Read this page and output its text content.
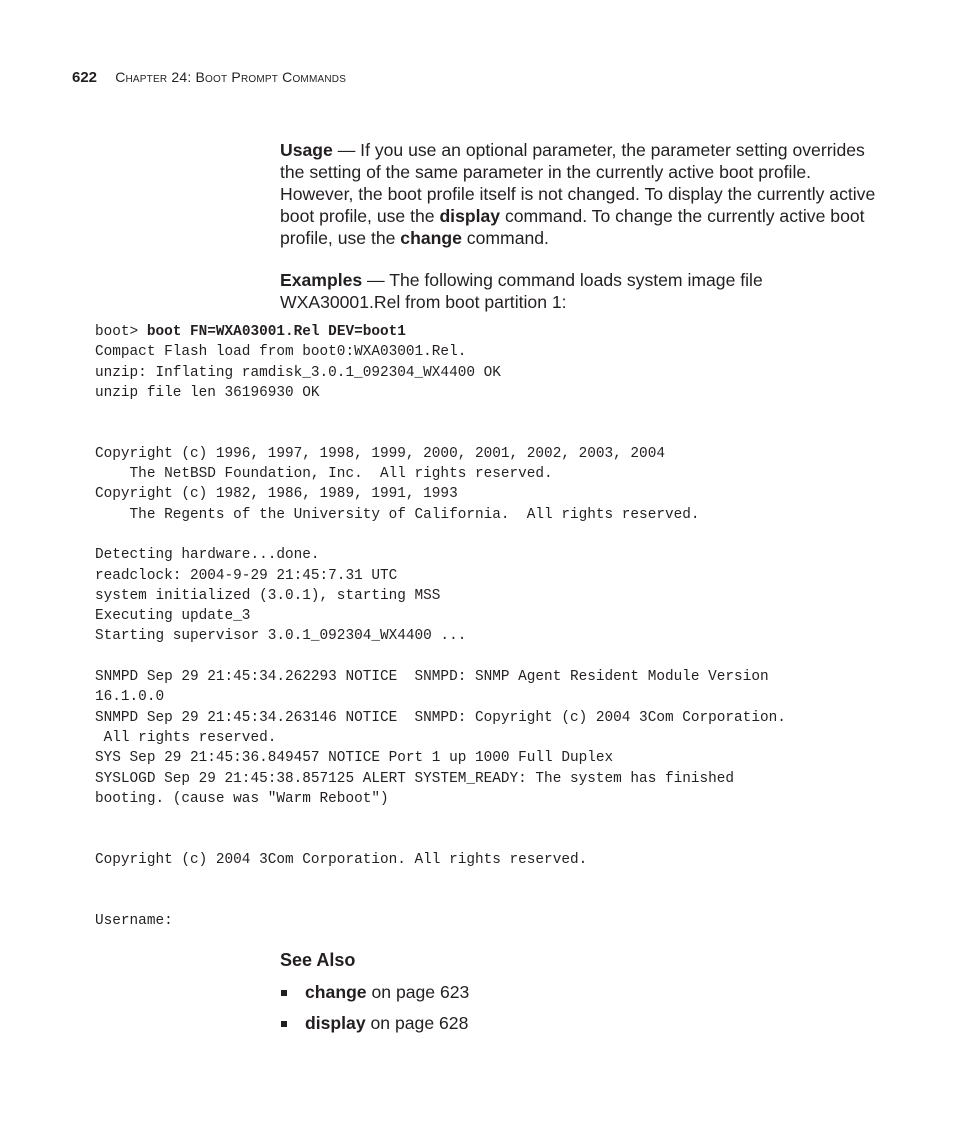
622 Chapter 24: Boot Prompt Commands

Usage — If you use an optional parameter, the parameter setting overrides the setting of the same parameter in the currently active boot profile. However, the boot profile itself is not changed. To display the currently active boot profile, use the display command. To change the currently active boot profile, use the change command.

Examples — The following command loads system image file WXA30001.Rel from boot partition 1:

boot> boot FN=WXA03001.Rel DEV=boot1
Compact Flash load from boot0:WXA03001.Rel.
unzip: Inflating ramdisk_3.0.1_092304_WX4400 OK
unzip file len 36196930 OK
Copyright (c) 1996, 1997, 1998, 1999, 2000, 2001, 2002, 2003, 2004
The NetBSD Foundation, Inc.  All rights reserved.
Copyright (c) 1982, 1986, 1989, 1991, 1993
The Regents of the University of California.  All rights reserved.
Detecting hardware...done.
readclock: 2004-9-29 21:45:7.31 UTC
system initialized (3.0.1), starting MSS
Executing update_3
Starting supervisor 3.0.1_092304_WX4400 ...
SNMPD Sep 29 21:45:34.262293 NOTICE  SNMPD: SNMP Agent Resident Module Version
16.1.0.0
SNMPD Sep 29 21:45:34.263146 NOTICE  SNMPD: Copyright (c) 2004 3Com Corporation.
All rights reserved.
SYS Sep 29 21:45:36.849457 NOTICE Port 1 up 1000 Full Duplex
SYSLOGD Sep 29 21:45:38.857125 ALERT SYSTEM_READY: The system has finished
booting. (cause was "Warm Reboot")
Copyright (c) 2004 3Com Corporation. All rights reserved.
Username:
See Also
change on page 623
display on page 628
